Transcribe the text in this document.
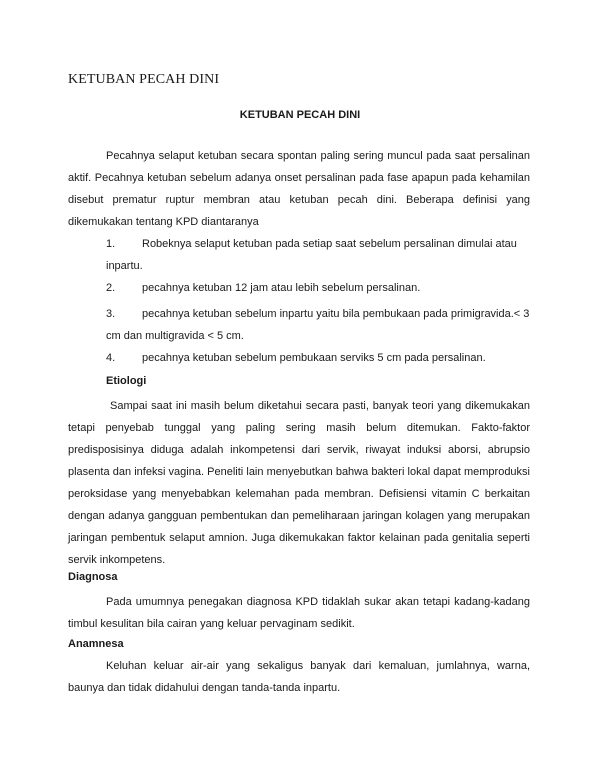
KETUBAN PECAH DINI
KETUBAN PECAH DINI

Pecahnya selaput ketuban secara spontan paling sering muncul pada saat persalinan aktif. Pecahnya ketuban sebelum adanya onset persalinan pada fase apapun pada kehamilan disebut prematur ruptur membran atau ketuban pecah dini. Beberapa definisi yang dikemukakan tentang KPD diantaranya

1. Robeknya selaput ketuban pada setiap saat sebelum persalinan dimulai atau inpartu.

2. pecahnya ketuban 12 jam atau lebih sebelum persalinan.

3. pecahnya ketuban sebelum inpartu yaitu bila pembukaan pada primigravida.< 3 cm dan multigravida < 5 cm.

4. pecahnya ketuban sebelum pembukaan serviks 5 cm pada persalinan.

Etiologi

Sampai saat ini masih belum diketahui secara pasti, banyak teori yang dikemukakan tetapi penyebab tunggal yang paling sering masih belum ditemukan. Fakto-faktor predisposisinya diduga adalah inkompetensi dari servik, riwayat induksi aborsi, abrupsio plasenta dan infeksi vagina. Peneliti lain menyebutkan bahwa bakteri lokal dapat memproduksi peroksidase yang menyebabkan kelemahan pada membran. Defisiensi vitamin C berkaitan dengan adanya gangguan pembentukan dan pemeliharaan jaringan kolagen yang merupakan jaringan pembentuk selaput amnion. Juga dikemukakan faktor kelainan pada genitalia seperti servik inkompetens.

Diagnosa

Pada umumnya penegakan diagnosa KPD tidaklah sukar akan tetapi kadang-kadang timbul kesulitan bila cairan yang keluar pervaginam sedikit.

Anamnesa

Keluhan keluar air-air yang sekaligus banyak dari kemaluan, jumlahnya, warna, baunya dan tidak didahului dengan tanda-tanda inpartu.
